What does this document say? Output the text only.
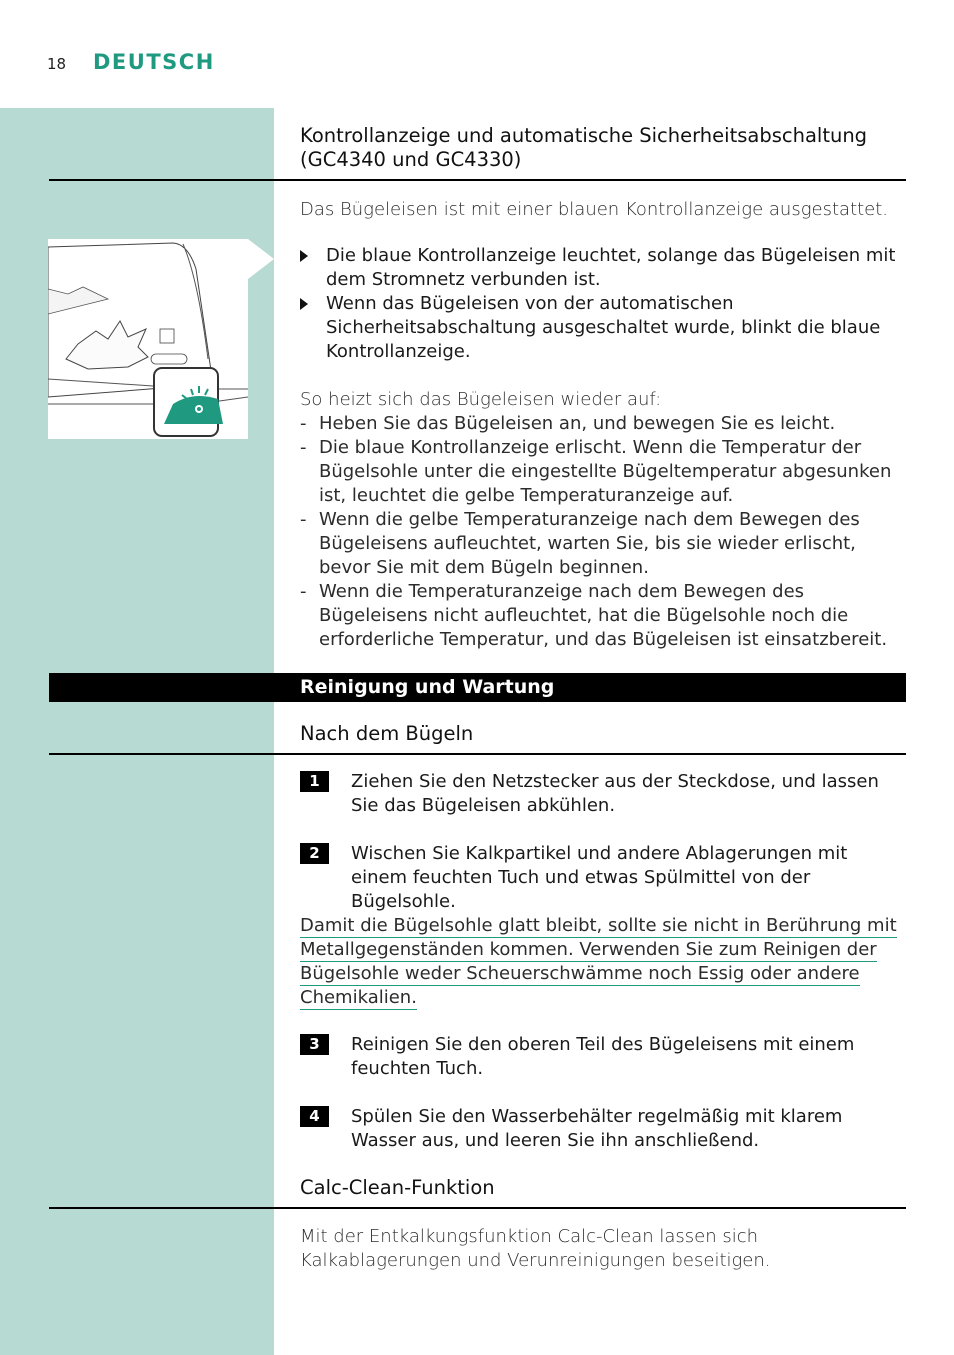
18 DEUTSCH
Kontrollanzeige und automatische Sicherheitsabschaltung
(GC4340 und GC4330)
Das Bügeleisen ist mit einer blauen Kontrollanzeige ausgestattet.
Die blaue Kontrollanzeige leuchtet, solange das Bügeleisen mit dem Stromnetz verbunden ist.
Wenn das Bügeleisen von der automatischen Sicherheitsabschaltung ausgeschaltet wurde, blinkt die blaue Kontrollanzeige.
So heizt sich das Bügeleisen wieder auf:
- Heben Sie das Bügeleisen an, und bewegen Sie es leicht.
- Die blaue Kontrollanzeige erlischt. Wenn die Temperatur der Bügelsohle unter die eingestellte Bügeltemperatur abgesunken ist, leuchtet die gelbe Temperaturanzeige auf.
- Wenn die gelbe Temperaturanzeige nach dem Bewegen des Bügeleisens aufleuchtet, warten Sie, bis sie wieder erlischt, bevor Sie mit dem Bügeln beginnen.
- Wenn die Temperaturanzeige nach dem Bewegen des Bügeleisens nicht aufleuchtet, hat die Bügelsohle noch die erforderliche Temperatur, und das Bügeleisen ist einsatzbereit.
Reinigung und Wartung
Nach dem Bügeln
1	Ziehen Sie den Netzstecker aus der Steckdose, und lassen Sie das Bügeleisen abkühlen.
2	Wischen Sie Kalkpartikel und andere Ablagerungen mit einem feuchten Tuch und etwas Spülmittel von der Bügelsohle.
Damit die Bügelsohle glatt bleibt, sollte sie nicht in Berührung mit
Metallgegenständen kommen. Verwenden Sie zum Reinigen der
Bügelsohle weder Scheuerschwämme noch Essig oder andere
Chemikalien.
3	Reinigen Sie den oberen Teil des Bügeleisens mit einem feuchten Tuch.
4	Spülen Sie den Wasserbehälter regelmäßig mit klarem Wasser aus, und leeren Sie ihn anschließend.
Calc-Clean-Funktion
Mit der Entkalkungsfunktion Calc-Clean lassen sich Kalkablagerungen und Verunreinigungen beseitigen.
